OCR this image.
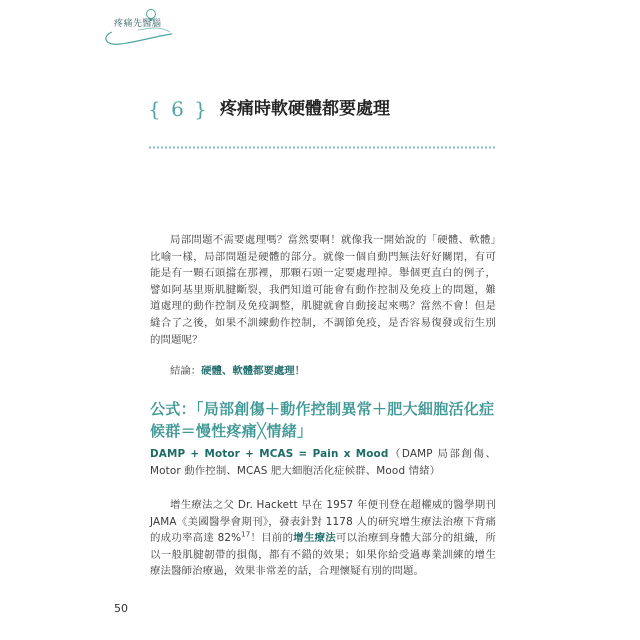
疼痛先醫腦
{ 6 } 疼痛時軟硬體都要處理

局部問題不需要處理嗎？當然要啊！就像我一開始說的「硬體、軟體」比喻一樣，局部問題是硬體的部分。就像一個自動門無法好好關閉，有可能是有一顆石頭擋在那裡，那顆石頭一定要處理掉。舉個更直白的例子，譬如阿基里斯肌腱斷裂，我們知道可能會有動作控制及免疫上的問題，難道處理的動作控制及免疫調整，肌腱就會自動接起來嗎？當然不會！但是縫合了之後，如果不訓練動作控制，不調節免疫，是否容易復發或衍生別的問題呢？

結論：硬體、軟體都要處理！
公式：「局部創傷＋動作控制異常＋肥大細胞活化症候群＝慢性疼痛╳情緒」

DAMP + Motor + MCAS = Pain x Mood（DAMP 局部創傷、Motor 動作控制、MCAS 肥大細胞活化症候群、Mood 情緒）

增生療法之父 Dr. Hackett 早在 1957 年便刊登在超權威的醫學期刊 JAMA《美國醫學會期刊》，發表針對 1178 人的研究增生療法治療下背痛的成功率高達 82%$^{17}$！目前的增生療法可以治療到身體大部分的組織，所以一般肌腱韌帶的損傷，都有不錯的效果；如果你給受過專業訓練的增生療法醫師治療過，效果非常差的話，合理懷疑有別的問題。

50
